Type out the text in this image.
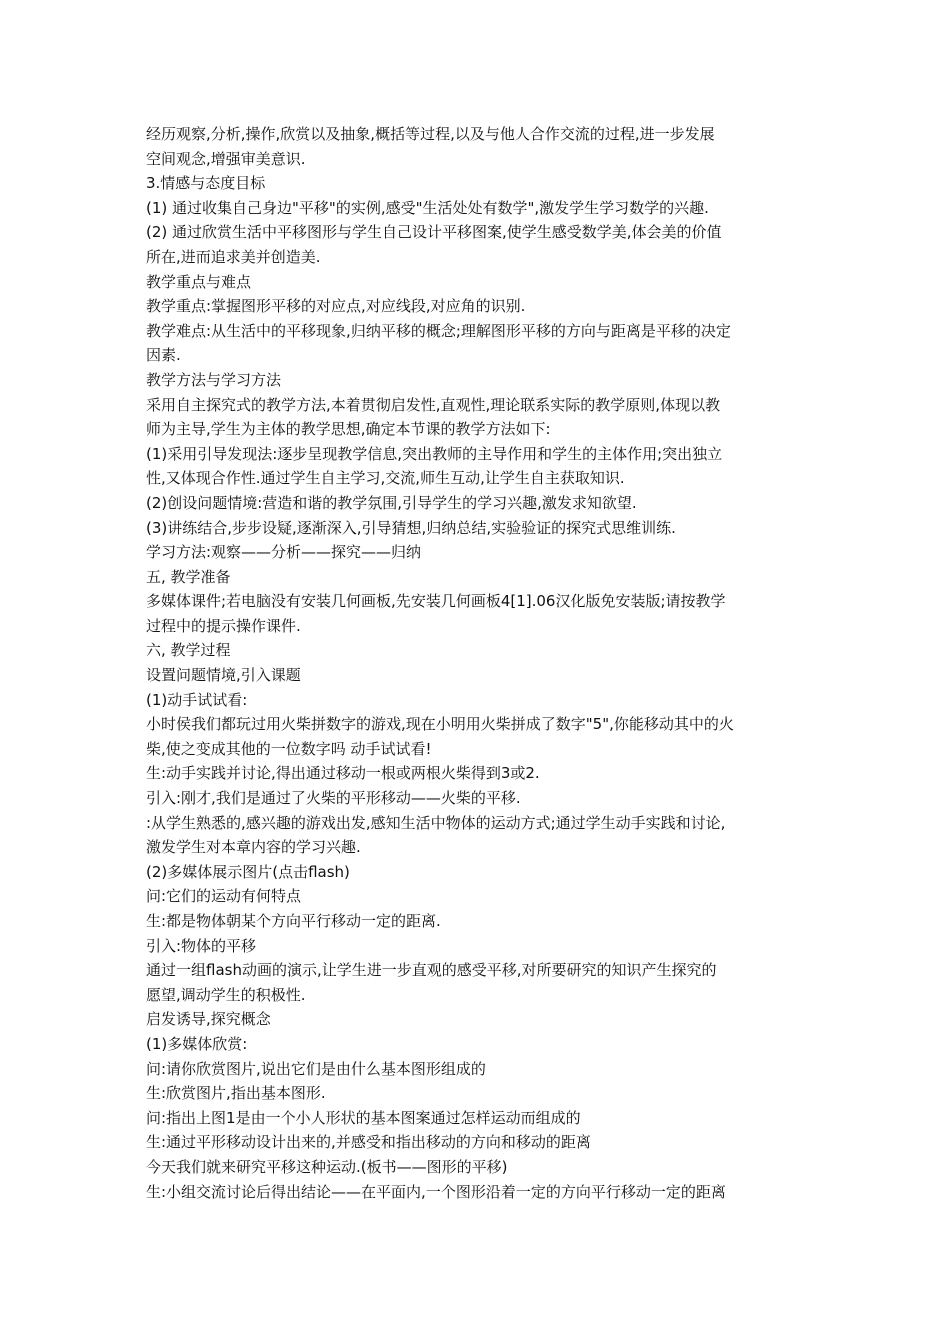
经历观察,分析,操作,欣赏以及抽象,概括等过程,以及与他人合作交流的过程,进一步发展
空间观念,增强审美意识.
3.情感与态度目标
(1) 通过收集自己身边"平移"的实例,感受"生活处处有数学",激发学生学习数学的兴趣.
(2) 通过欣赏生活中平移图形与学生自己设计平移图案,使学生感受数学美,体会美的价值
所在,进而追求美并创造美.
教学重点与难点
教学重点:掌握图形平移的对应点,对应线段,对应角的识别.
教学难点:从生活中的平移现象,归纳平移的概念;理解图形平移的方向与距离是平移的决定
因素.
教学方法与学习方法
采用自主探究式的教学方法,本着贯彻启发性,直观性,理论联系实际的教学原则,体现以教
师为主导,学生为主体的教学思想,确定本节课的教学方法如下:
(1)采用引导发现法:逐步呈现教学信息,突出教师的主导作用和学生的主体作用;突出独立
性,又体现合作性.通过学生自主学习,交流,师生互动,让学生自主获取知识.
(2)创设问题情境:营造和谐的教学氛围,引导学生的学习兴趣,激发求知欲望.
(3)讲练结合,步步设疑,逐渐深入,引导猜想,归纳总结,实验验证的探究式思维训练.
学习方法:观察——分析——探究——归纳
五, 教学准备
多媒体课件;若电脑没有安装几何画板,先安装几何画板4[1].06汉化版免安装版;请按教学
过程中的提示操作课件.
六, 教学过程
设置问题情境,引入课题
(1)动手试试看:
小时侯我们都玩过用火柴拼数字的游戏,现在小明用火柴拼成了数字"5",你能移动其中的火
柴,使之变成其他的一位数字吗 动手试试看!
生:动手实践并讨论,得出通过移动一根或两根火柴得到3或2.
引入:刚才,我们是通过了火柴的平形移动——火柴的平移.
:从学生熟悉的,感兴趣的游戏出发,感知生活中物体的运动方式;通过学生动手实践和讨论,
激发学生对本章内容的学习兴趣.
(2)多媒体展示图片(点击flash)
问:它们的运动有何特点
生:都是物体朝某个方向平行移动一定的距离.
引入:物体的平移
通过一组flash动画的演示,让学生进一步直观的感受平移,对所要研究的知识产生探究的
愿望,调动学生的积极性.
启发诱导,探究概念
(1)多媒体欣赏:
问:请你欣赏图片,说出它们是由什么基本图形组成的
生:欣赏图片,指出基本图形.
问:指出上图1是由一个小人形状的基本图案通过怎样运动而组成的
生:通过平形移动设计出来的,并感受和指出移动的方向和移动的距离
今天我们就来研究平移这种运动.(板书——图形的平移)
生:小组交流讨论后得出结论——在平面内,一个图形沿着一定的方向平行移动一定的距离
